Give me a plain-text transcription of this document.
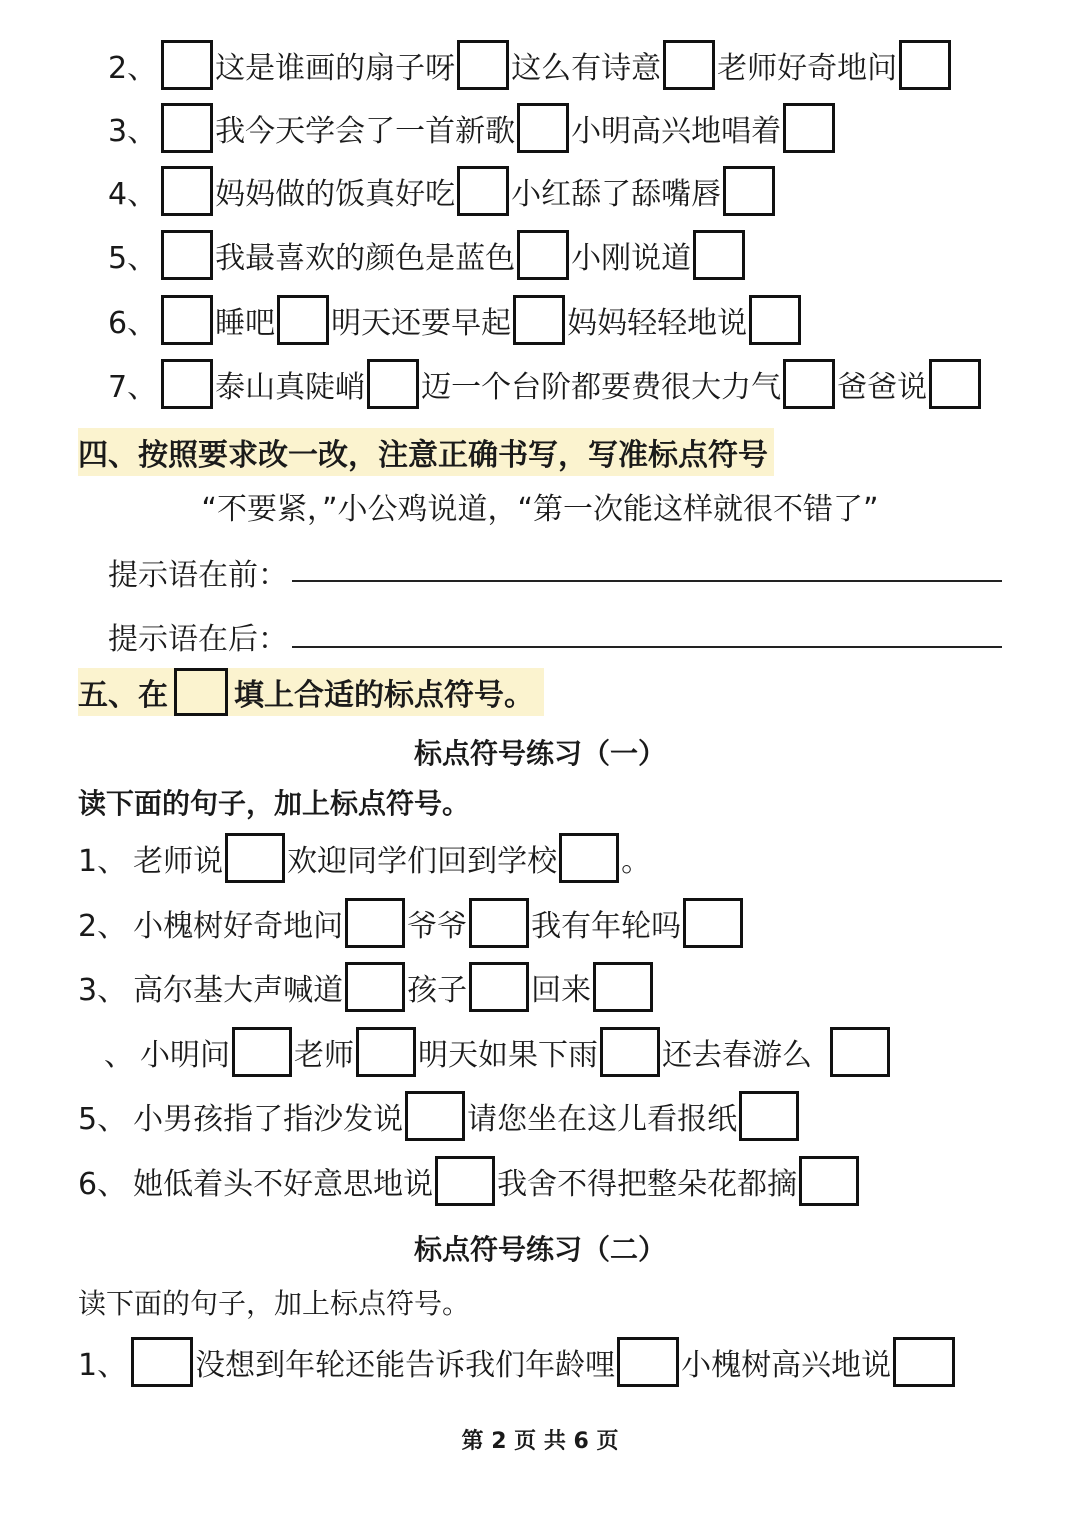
2、 这是谁画的扇子呀 这么有诗意 老师好奇地问
3、 我今天学会了一首新歌 小明高兴地唱着
4、 妈妈做的饭真好吃 小红舔了舔嘴唇
5、 我最喜欢的颜色是蓝色 小刚说道
6、 睡吧 明天还要早起 妈妈轻轻地说
7、 泰山真陡峭 迈一个台阶都要费很大力气 爸爸说
四、按照要求改一改，注意正确书写，写准标点符号
“不要紧，”小公鸡说道，“第一次能这样就很不错了”
提示语在前：
提示语在后：
五、在 填上合适的标点符号。
标点符号练习（一）
读下面的句子，加上标点符号。
1、 老师说 欢迎同学们回到学校 。
2、 小槐树好奇地问 爷爷 我有年轮吗
3、 高尔基大声喊道 孩子 回来
、 小明问 老师 明天如果下雨 还去春游么
5、 小男孩指了指沙发说 请您坐在这儿看报纸
6、 她低着头不好意思地说 我舍不得把整朵花都摘
标点符号练习（二）
读下面的句子，加上标点符号。
1、 没想到年轮还能告诉我们年龄哩 小槐树高兴地说
第 2 页 共 6 页
